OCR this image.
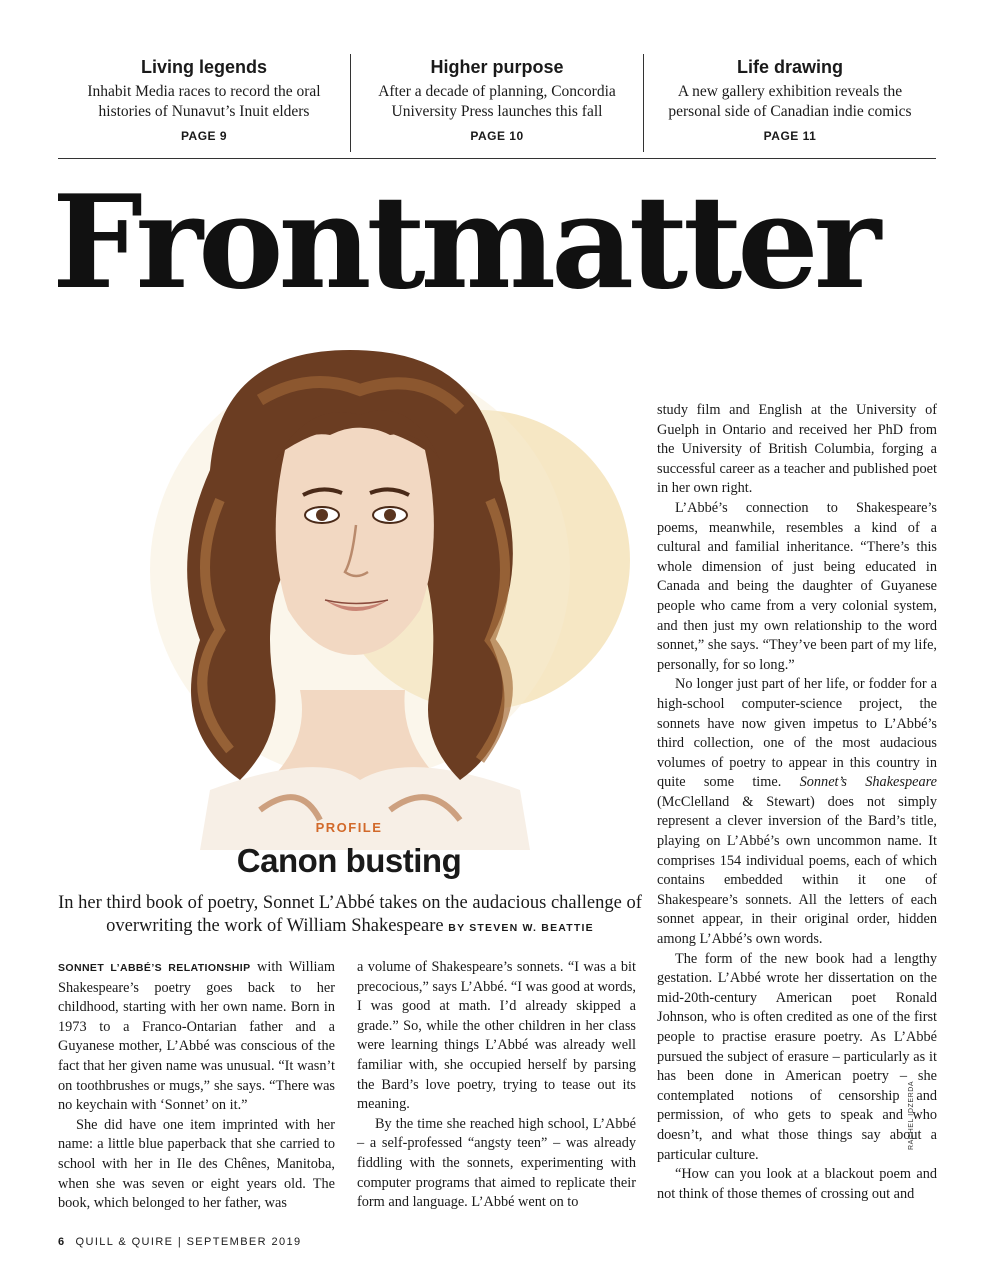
Living legends
Inhabit Media races to record the oral histories of Nunavut’s Inuit elders
PAGE 9
Higher purpose
After a decade of planning, Concordia University Press launches this fall
PAGE 10
Life drawing
A new gallery exhibition reveals the personal side of Canadian indie comics
PAGE 11
Frontmatter
PROFILE
Canon busting
In her third book of poetry, Sonnet L’Abbé takes on the audacious challenge of overwriting the work of William Shakespeare BY STEVEN W. BEATTIE

SONNET L’ABBÉ’S RELATIONSHIP with William Shakespeare’s poetry goes back to her childhood, starting with her own name. Born in 1973 to a Franco-Ontarian father and a Guyanese mother, L’Abbé was conscious of the fact that her given name was unusual. “It wasn’t on toothbrushes or mugs,” she says. “There was no keychain with ‘Sonnet’ on it.”

She did have one item imprinted with her name: a little blue paperback that she carried to school with her in Ile des Chênes, Manitoba, when she was seven or eight years old. The book, which belonged to her father, was

a volume of Shakespeare’s sonnets. “I was a bit precocious,” says L’Abbé. “I was good at words, I was good at math. I’d already skipped a grade.” So, while the other children in her class were learning things L’Abbé was already well familiar with, she occupied herself by parsing the Bard’s love poetry, trying to tease out its meaning.

By the time she reached high school, L’Abbé – a self-professed “angsty teen” – was already fiddling with the sonnets, experimenting with computer programs that aimed to replicate their form and language. L’Abbé went on to

study film and English at the University of Guelph in Ontario and received her PhD from the University of British Columbia, forging a successful career as a teacher and published poet in her own right.

L’Abbé’s connection to Shakespeare’s poems, meanwhile, resembles a kind of a cultural and familial inheritance. “There’s this whole dimension of just being educated in Canada and being the daughter of Guyanese people who came from a very colonial system, and then just my own relationship to the word sonnet,” she says. “They’ve been part of my life, personally, for so long.”

No longer just part of her life, or fodder for a high-school computer-science project, the sonnets have now given impetus to L’Abbé’s third collection, one of the most audacious volumes of poetry to appear in this country in quite some time. Sonnet’s Shakespeare (McClelland & Stewart) does not simply represent a clever inversion of the Bard’s title, playing on L’Abbé’s own uncommon name. It comprises 154 individual poems, each of which contains embedded within it one of Shakespeare’s sonnets. All the letters of each sonnet appear, in their original order, hidden among L’Abbé’s own words.

The form of the new book had a lengthy gestation. L’Abbé wrote her dissertation on the mid-20th-century American poet Ronald Johnson, who is often credited as one of the first people to practise erasure poetry. As L’Abbé pursued the subject of erasure – particularly as it has been done in American poetry – she contemplated notions of censorship and permission, of who gets to speak and who doesn’t, and what those things say about a particular culture.

“How can you look at a blackout poem and not think of those themes of crossing out and

RACHEL IDZERDA
6 QUILL & QUIRE | SEPTEMBER 2019
